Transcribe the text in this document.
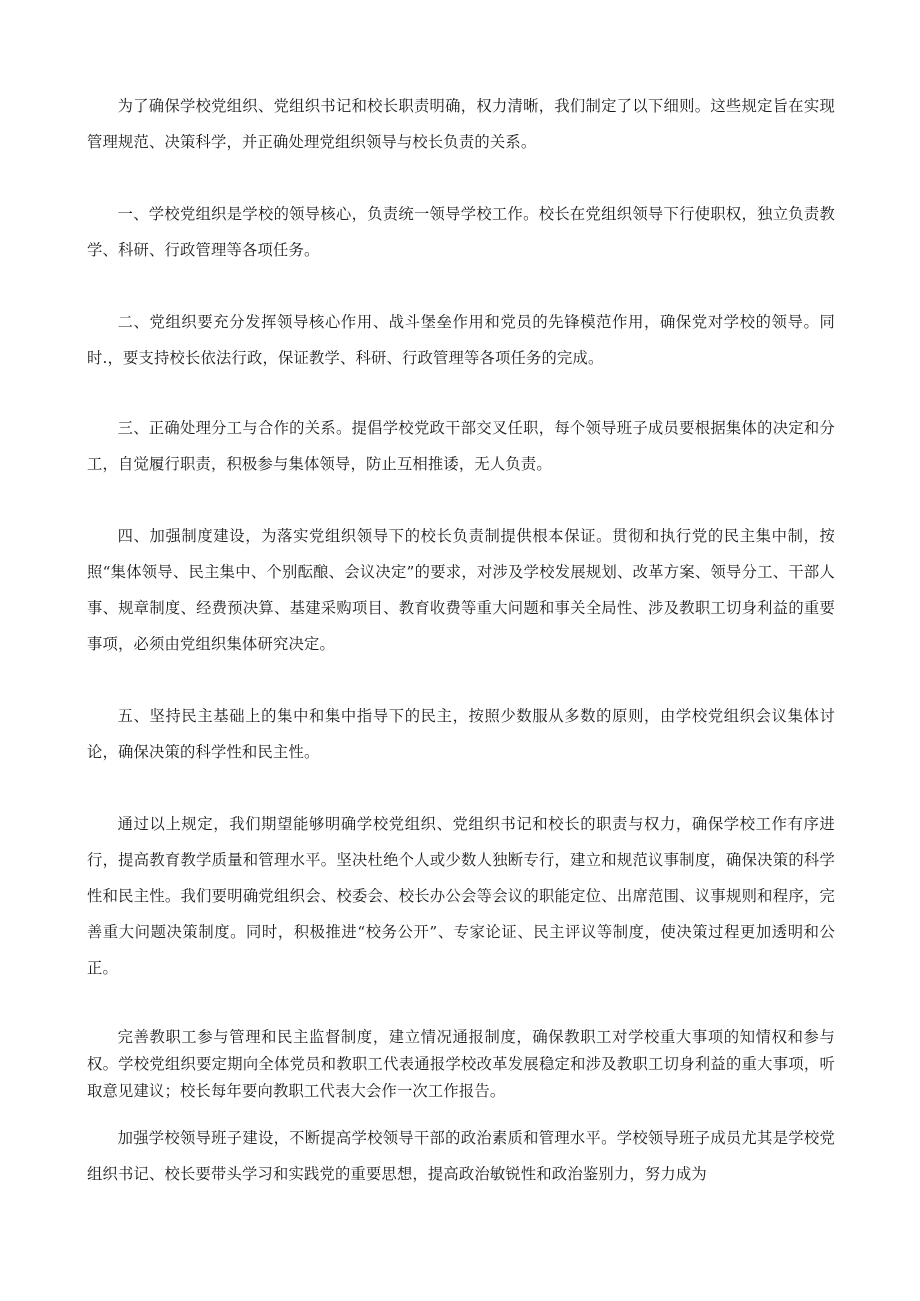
为了确保学校党组织、党组织书记和校长职责明确，权力清晰，我们制定了以下细则。这些规定旨在实现管理规范、决策科学，并正确处理党组织领导与校长负责的关系。

一、学校党组织是学校的领导核心，负责统一领导学校工作。校长在党组织领导下行使职权，独立负责教学、科研、行政管理等各项任务。

二、党组织要充分发挥领导核心作用、战斗堡垒作用和党员的先锋模范作用，确保党对学校的领导。同时.，要支持校长依法行政，保证教学、科研、行政管理等各项任务的完成。

三、正确处理分工与合作的关系。提倡学校党政干部交叉任职，每个领导班子成员要根据集体的决定和分工，自觉履行职责，积极参与集体领导，防止互相推诿，无人负责。

四、加强制度建设，为落实党组织领导下的校长负责制提供根本保证。贯彻和执行党的民主集中制，按照“集体领导、民主集中、个别酝酿、会议决定”的要求，对涉及学校发展规划、改革方案、领导分工、干部人事、规章制度、经费预决算、基建采购项目、教育收费等重大问题和事关全局性、涉及教职工切身利益的重要事项，必须由党组织集体研究决定。

五、坚持民主基础上的集中和集中指导下的民主，按照少数服从多数的原则，由学校党组织会议集体讨论，确保决策的科学性和民主性。

通过以上规定，我们期望能够明确学校党组织、党组织书记和校长的职责与权力，确保学校工作有序进行，提高教育教学质量和管理水平。坚决杜绝个人或少数人独断专行，建立和规范议事制度，确保决策的科学性和民主性。我们要明确党组织会、校委会、校长办公会等会议的职能定位、出席范围、议事规则和程序，完善重大问题决策制度。同时，积极推进“校务公开”、专家论证、民主评议等制度，使决策过程更加透明和公正。

完善教职工参与管理和民主监督制度，建立情况通报制度，确保教职工对学校重大事项的知情权和参与权。学校党组织要定期向全体党员和教职工代表通报学校改革发展稳定和涉及教职工切身利益的重大事项，听取意见建议；校长每年要向教职工代表大会作一次工作报告。

加强学校领导班子建设，不断提高学校领导干部的政治素质和管理水平。学校领导班子成员尤其是学校党组织书记、校长要带头学习和实践党的重要思想，提高政治敏锐性和政治鉴别力，努力成为
